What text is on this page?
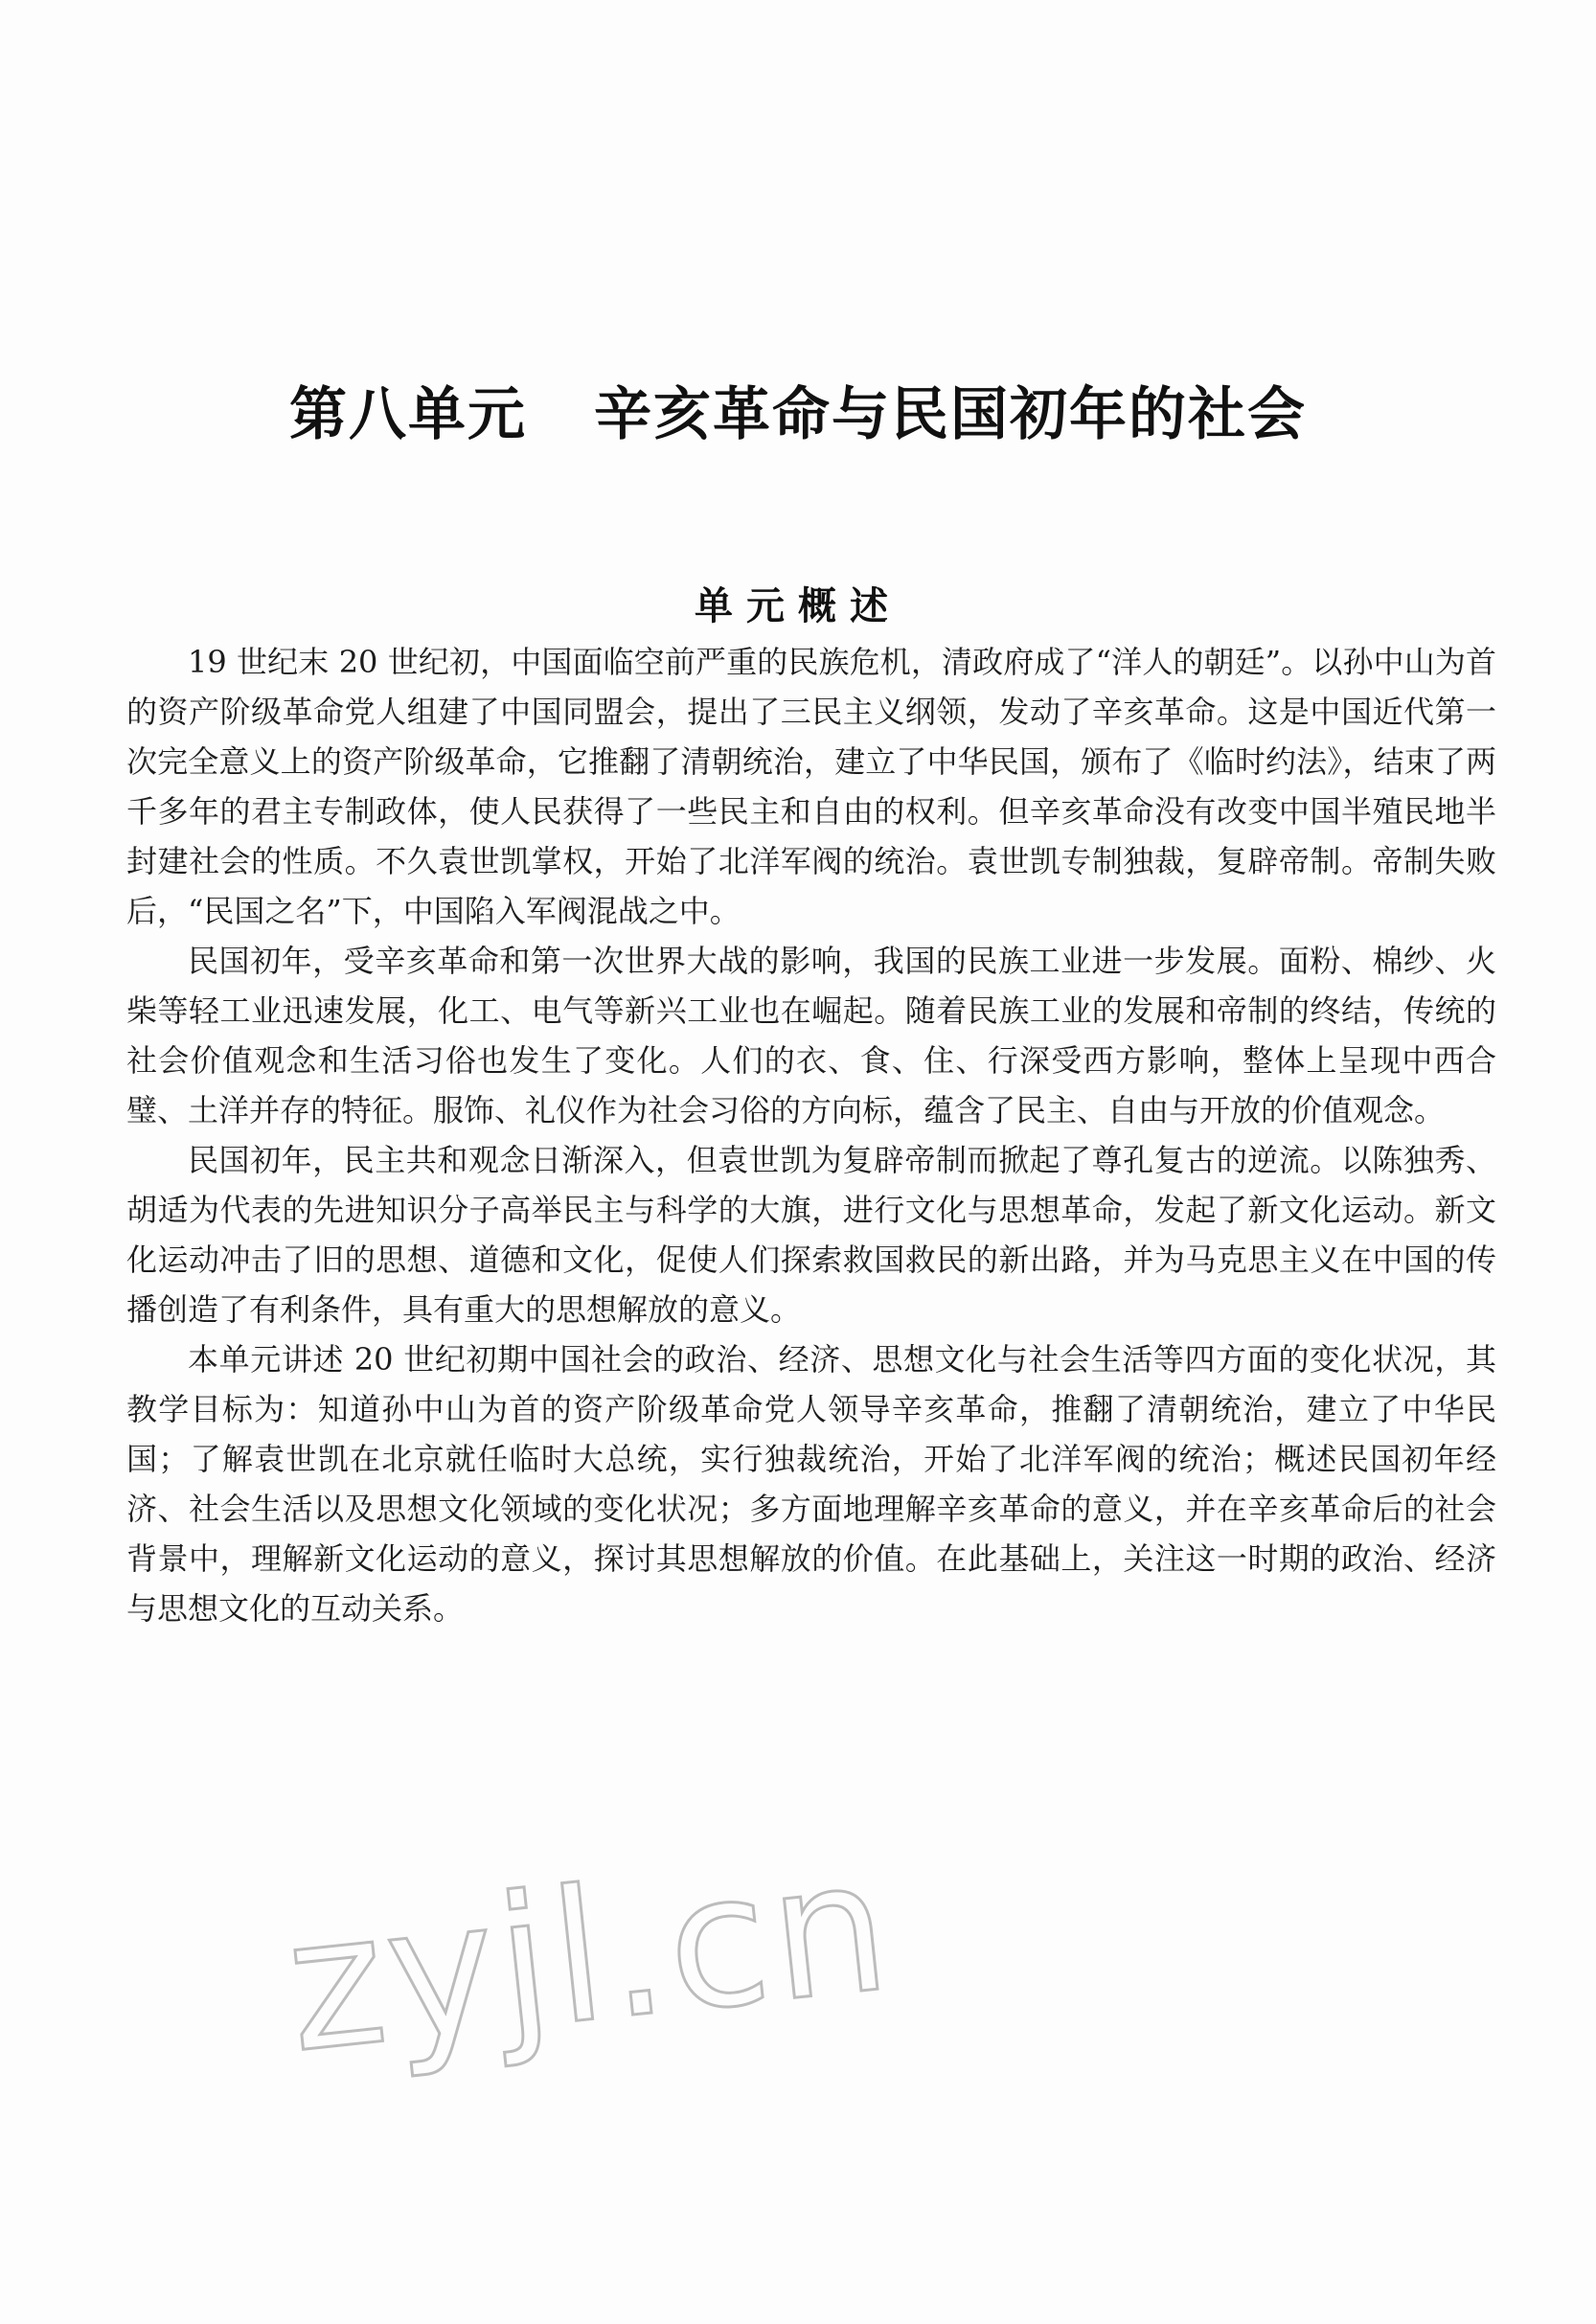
第八单元 辛亥革命与民国初年的社会
单元概述

19 世纪末 20 世纪初，中国面临空前严重的民族危机，清政府成了“洋人的朝廷”。以孙中山为首的资产阶级革命党人组建了中国同盟会，提出了三民主义纲领，发动了辛亥革命。这是中国近代第一次完全意义上的资产阶级革命，它推翻了清朝统治，建立了中华民国，颁布了《临时约法》，结束了两千多年的君主专制政体，使人民获得了一些民主和自由的权利。但辛亥革命没有改变中国半殖民地半封建社会的性质。不久袁世凯掌权，开始了北洋军阀的统治。袁世凯专制独裁，复辟帝制。帝制失败后，“民国之名”下，中国陷入军阀混战之中。

民国初年，受辛亥革命和第一次世界大战的影响，我国的民族工业进一步发展。面粉、棉纱、火柴等轻工业迅速发展，化工、电气等新兴工业也在崛起。随着民族工业的发展和帝制的终结，传统的社会价值观念和生活习俗也发生了变化。人们的衣、食、住、行深受西方影响，整体上呈现中西合璧、土洋并存的特征。服饰、礼仪作为社会习俗的方向标，蕴含了民主、自由与开放的价值观念。

民国初年，民主共和观念日渐深入，但袁世凯为复辟帝制而掀起了尊孔复古的逆流。以陈独秀、胡适为代表的先进知识分子高举民主与科学的大旗，进行文化与思想革命，发起了新文化运动。新文化运动冲击了旧的思想、道德和文化，促使人们探索救国救民的新出路，并为马克思主义在中国的传播创造了有利条件，具有重大的思想解放的意义。

本单元讲述 20 世纪初期中国社会的政治、经济、思想文化与社会生活等四方面的变化状况，其教学目标为：知道孙中山为首的资产阶级革命党人领导辛亥革命，推翻了清朝统治，建立了中华民国；了解袁世凯在北京就任临时大总统，实行独裁统治，开始了北洋军阀的统治；概述民国初年经济、社会生活以及思想文化领域的变化状况；多方面地理解辛亥革命的意义，并在辛亥革命后的社会背景中，理解新文化运动的意义，探讨其思想解放的价值。在此基础上，关注这一时期的政治、经济与思想文化的互动关系。

zyjl.cn
